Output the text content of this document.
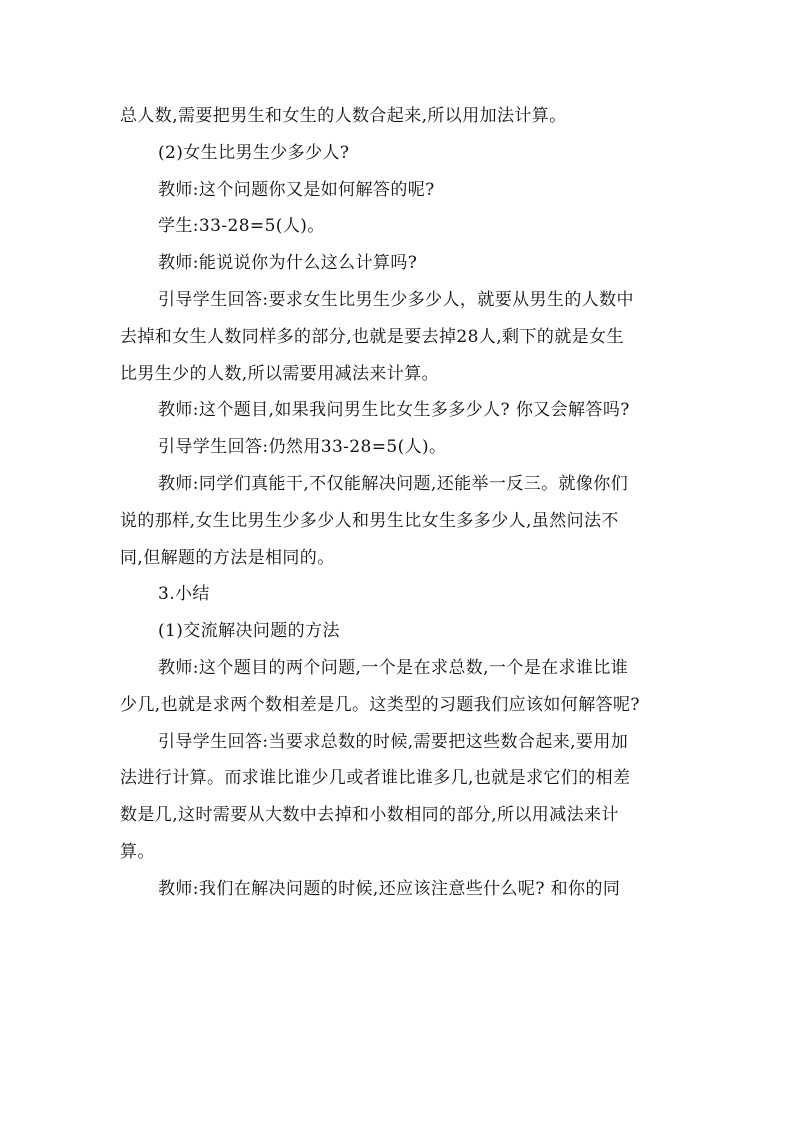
总人数,需要把男生和女生的人数合起来,所以用加法计算。

(2)女生比男生少多少人?

教师:这个问题你又是如何解答的呢?

学生:33-28=5(人)。

教师:能说说你为什么这么计算吗?

引导学生回答:要求女生比男生少多少人，就要从男生的人数中
去掉和女生人数同样多的部分,也就是要去掉28人,剩下的就是女生
比男生少的人数,所以需要用减法来计算。

教师:这个题目,如果我问男生比女生多多少人? 你又会解答吗?

引导学生回答:仍然用33-28=5(人)。

教师:同学们真能干,不仅能解决问题,还能举一反三。就像你们
说的那样,女生比男生少多少人和男生比女生多多少人,虽然问法不
同,但解题的方法是相同的。

3.小结

(1)交流解决问题的方法

教师:这个题目的两个问题,一个是在求总数,一个是在求谁比谁
少几,也就是求两个数相差是几。这类型的习题我们应该如何解答呢?

引导学生回答:当要求总数的时候,需要把这些数合起来,要用加
法进行计算。而求谁比谁少几或者谁比谁多几,也就是求它们的相差
数是几,这时需要从大数中去掉和小数相同的部分,所以用减法来计
算。

教师:我们在解决问题的时候,还应该注意些什么呢? 和你的同
